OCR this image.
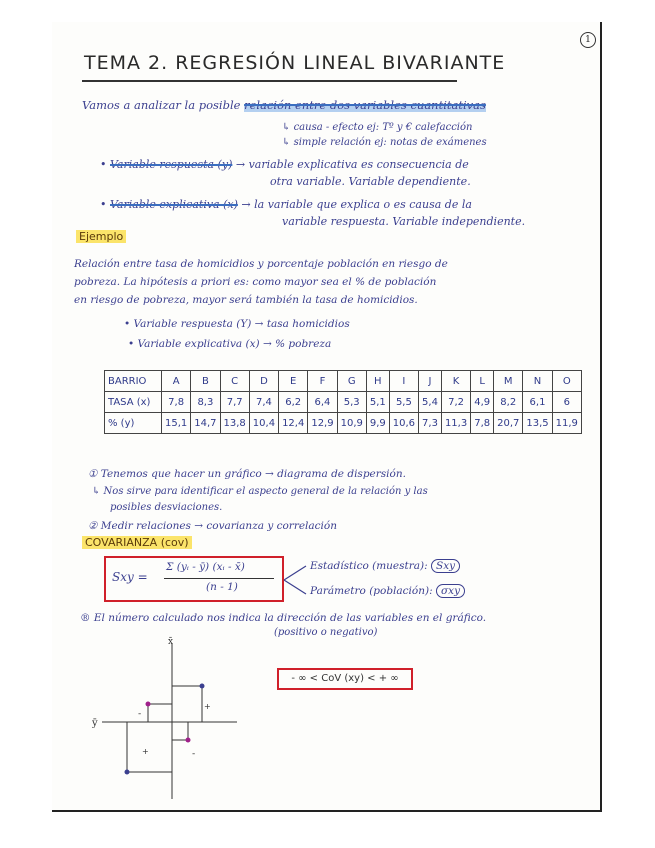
1
TEMA 2. REGRESIÓN LINEAL BIVARIANTE
Vamos a analizar la posible relación entre dos variables cuantitativas
↳ causa - efecto ej: Tº y € calefacción
↳ simple relación ej: notas de exámenes
• Variable respuesta (y) → variable explicativa es consecuencia de
otra variable. Variable dependiente.
• Variable explicativa (x) → la variable que explica o es causa de la
variable respuesta. Variable independiente.
Ejemplo
Relación entre tasa de homicidios y porcentaje población en riesgo de
pobreza. La hipótesis a priori es: como mayor sea el % de población
en riesgo de pobreza, mayor será también la tasa de homicidios.
• Variable respuesta (Y) → tasa homicidios
• Variable explicativa (x) → % pobreza
BARRIO	A	B	C	D	E	F	G	H	I	J	K	L	M	N	O
TASA (x)	7,8	8,3	7,7	7,4	6,2	6,4	5,3	5,1	5,5	5,4	7,2	4,9	8,2	6,1	6
% (y)	15,1	14,7	13,8	10,4	12,4	12,9	10,9	9,9	10,6	7,3	11,3	7,8	20,7	13,5	11,9
① Tenemos que hacer un gráfico → diagrama de dispersión.
↳ Nos sirve para identificar el aspecto general de la relación y las
posibles desviaciones.
② Medir relaciones → covarianza y correlación
COVARIANZA (cov)
Sxy =
Σ (yᵢ - ȳ) (xᵢ - x̄)
(n - 1)
Estadístico (muestra): Sxy
Parámetro (población): σxy
® El número calculado nos indica la dirección de las variables en el gráfico.
(positivo o negativo)
ȳ
x̄
+
+
-
-
- ∞ < CoV (xy) < + ∞
